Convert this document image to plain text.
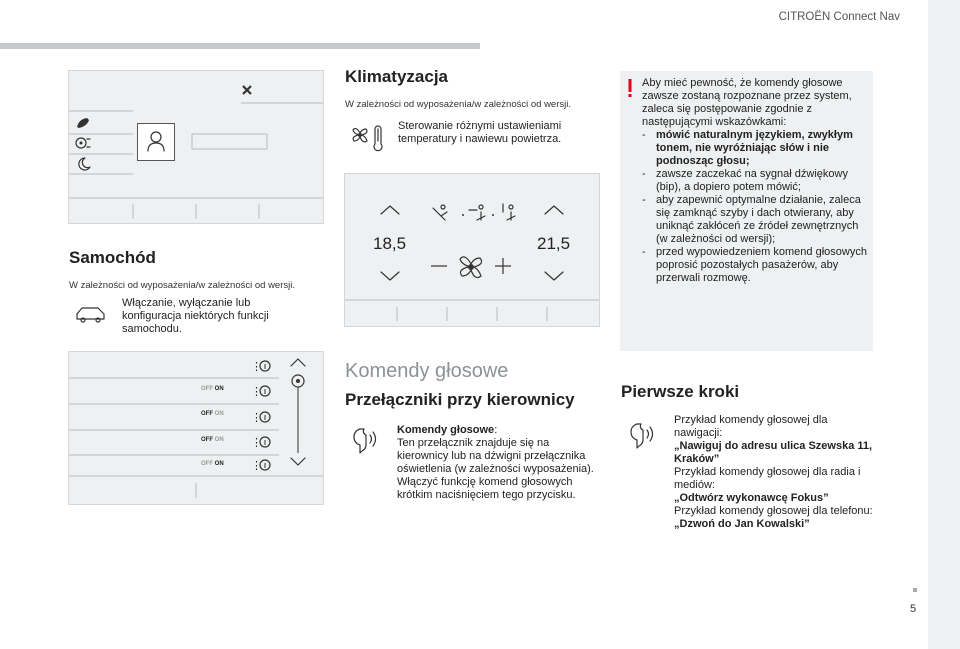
CITROËN Connect Nav
5
Samochód
W zależności od wyposażenia/w zależności od wersji.
Włączanie, wyłączanie lub konfiguracja niektórych funkcji samochodu.
⋮
OFF ON ⋮
OFF ON ⋮
OFF ON ⋮
OFF ON ⋮
Klimatyzacja
W zależności od wyposażenia/w zależności od wersji.
Sterowanie różnymi ustawieniami temperatury i nawiewu powietrza.
18,5	21,5
Komendy głosowe
Przełączniki przy kierownicy
Komendy głosowe:
Ten przełącznik znajduje się na kierownicy lub na dźwigni przełącznika oświetlenia (w zależności wyposażenia). Włączyć funkcję komend głosowych krótkim naciśnięciem tego przycisku.
Aby mieć pewność, że komendy głosowe zawsze zostaną rozpoznane przez system, zaleca się postępowanie zgodnie z następującymi wskazówkami:
- mówić naturalnym językiem, zwykłym tonem, nie wyróżniając słów i nie podnosząc głosu;
- zawsze zaczekać na sygnał dźwiękowy (bip), a dopiero potem mówić;
- aby zapewnić optymalne działanie, zaleca się zamknąć szyby i dach otwierany, aby uniknąć zakłóceń ze źródeł zewnętrznych (w zależności od wersji);
- przed wypowiedzeniem komend głosowych poprosić pozostałych pasażerów, aby przerwali rozmowę.
Pierwsze kroki
Przykład komendy głosowej dla nawigacji:
„Nawiguj do adresu ulica Szewska 11, Kraków”
Przykład komendy głosowej dla radia i mediów:
„Odtwórz wykonawcę Fokus”
Przykład komendy głosowej dla telefonu:
„Dzwoń do Jan Kowalski”
